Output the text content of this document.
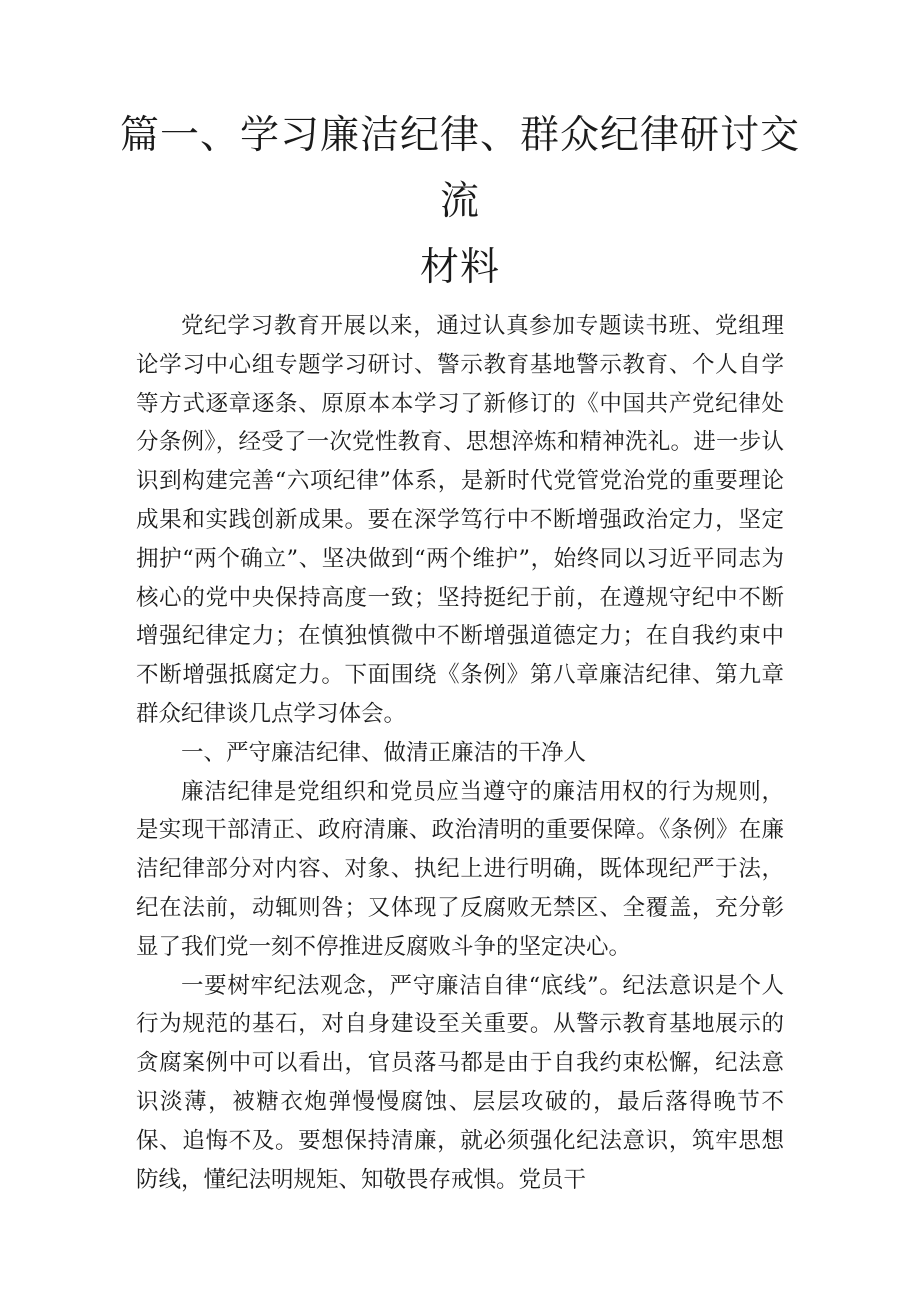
篇一、学习廉洁纪律、群众纪律研讨交流
材料

党纪学习教育开展以来，通过认真参加专题读书班、党组理论学习中心组专题学习研讨、警示教育基地警示教育、个人自学等方式逐章逐条、原原本本学习了新修订的《中国共产党纪律处分条例》，经受了一次党性教育、思想淬炼和精神洗礼。进一步认识到构建完善“六项纪律”体系，是新时代党管党治党的重要理论成果和实践创新成果。要在深学笃行中不断增强政治定力，坚定拥护“两个确立”、坚决做到“两个维护”，始终同以习近平同志为核心的党中央保持高度一致；坚持挺纪于前，在遵规守纪中不断增强纪律定力；在慎独慎微中不断增强道德定力；在自我约束中不断增强抵腐定力。下面围绕《条例》第八章廉洁纪律、第九章群众纪律谈几点学习体会。

一、严守廉洁纪律、做清正廉洁的干净人

廉洁纪律是党组织和党员应当遵守的廉洁用权的行为规则，是实现干部清正、政府清廉、政治清明的重要保障。《条例》在廉洁纪律部分对内容、对象、执纪上进行明确，既体现纪严于法，纪在法前，动辄则咎；又体现了反腐败无禁区、全覆盖，充分彰显了我们党一刻不停推进反腐败斗争的坚定决心。

一要树牢纪法观念，严守廉洁自律“底线”。纪法意识是个人行为规范的基石，对自身建设至关重要。从警示教育基地展示的贪腐案例中可以看出，官员落马都是由于自我约束松懈，纪法意识淡薄，被糖衣炮弹慢慢腐蚀、层层攻破的，最后落得晚节不保、追悔不及。要想保持清廉，就必须强化纪法意识，筑牢思想防线，懂纪法明规矩、知敬畏存戒惧。党员干
